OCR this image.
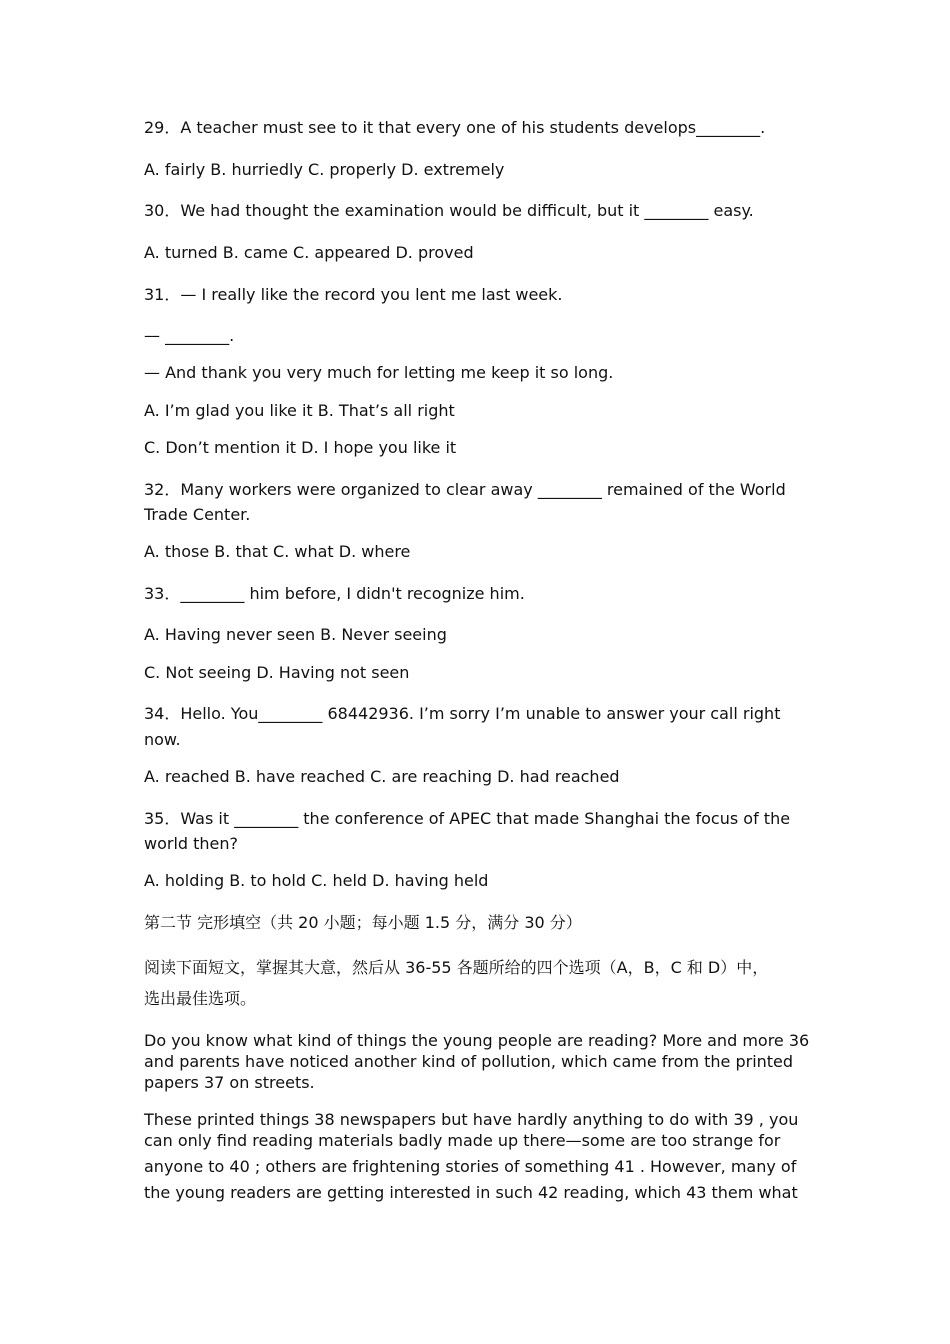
29．A teacher must see to it that every one of his students develops________.
A. fairly B. hurriedly C. properly D. extremely
30．We had thought the examination would be difficult, but it ________ easy.
A. turned B. came C. appeared D. proved
31．— I really like the record you lent me last week.
— ________.
— And thank you very much for letting me keep it so long.
A. I’m glad you like it B. That’s all right
C. Don’t mention it D. I hope you like it
32．Many workers were organized to clear away ________ remained of the World
Trade Center.
A. those B. that C. what D. where
33．________ him before, I didn't recognize him.
A. Having never seen B. Never seeing
C. Not seeing D. Having not seen
34．Hello. You________ 68442936. I’m sorry I’m unable to answer your call right
now.
A. reached B. have reached C. are reaching D. had reached
35．Was it ________ the conference of APEC that made Shanghai the focus of the
world then?
A. holding B. to hold C. held D. having held
第二节 完形填空（共 20 小题；每小题 1.5 分，满分 30 分）
阅读下面短文，掌握其大意，然后从 36-55 各题所给的四个选项（A，B，C 和 D）中，
选出最佳选项。
Do you know what kind of things the young people are reading? More and more 36
and parents have noticed another kind of pollution, which came from the printed
papers 37 on streets.
These printed things 38 newspapers but have hardly anything to do with 39 , you
can only find reading materials badly made up there—some are too strange for
anyone to 40 ; others are frightening stories of something 41 . However, many of
the young readers are getting interested in such 42 reading, which 43 them what
